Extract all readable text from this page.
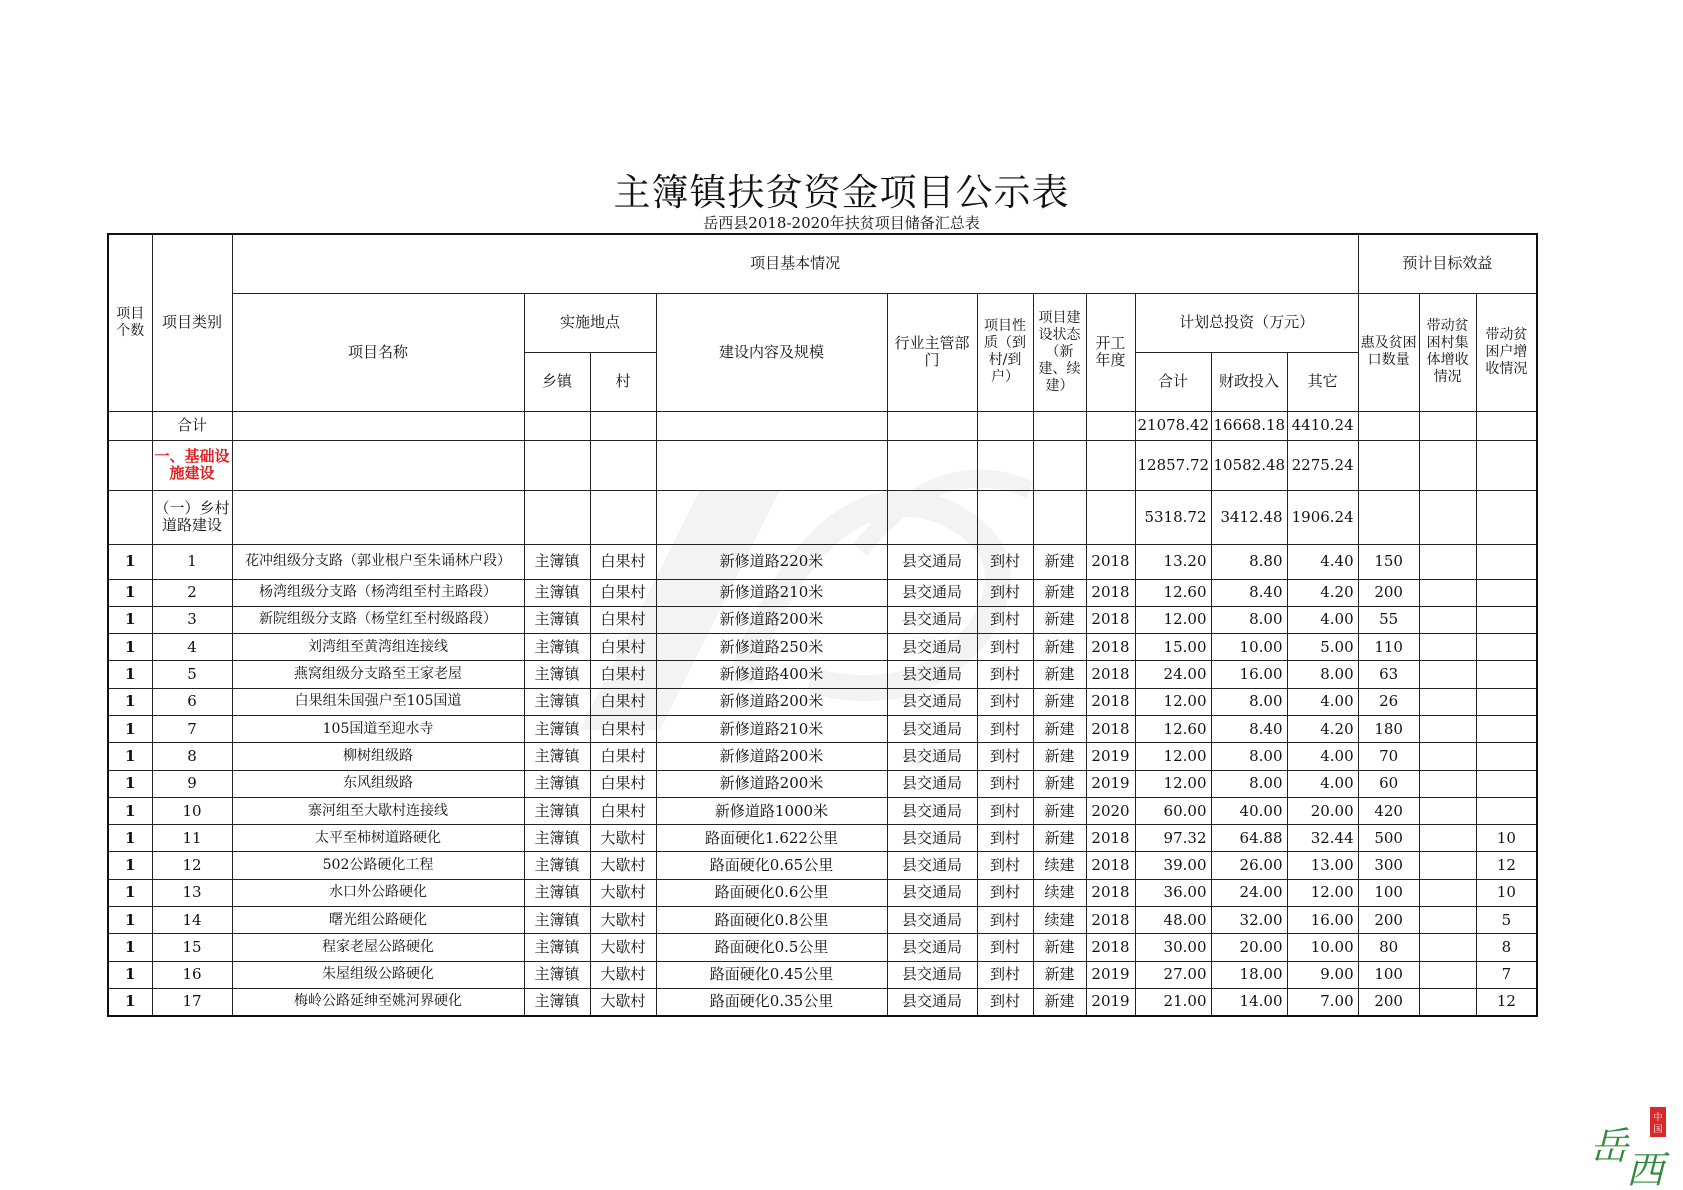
主簿镇扶贫资金项目公示表
岳西县2018-2020年扶贫项目储备汇总表
项目个数	项目类别	项目基本情况											预计目标效益		
		项目名称	实施地点		建设内容及规模	行业主管部门	项目性质（到村/到户）	项目建设状态（新建、续建）	开工年度	计划总投资（万元）			惠及贫困口数量	带动贫困村集体增收情况	带动贫困户增收情况
			乡镇	村						合计	财政投入	其它			
	合计									21078.42	16668.18	4410.24			
	一、基础设施建设									12857.72	10582.48	2275.24			
	（一）乡村道路建设									5318.72	3412.48	1906.24			
1	1	花冲组级分支路（郭业根户至朱诵林户段）	主簿镇	白果村	新修道路220米	县交通局	到村	新建	2018	13.20	8.80	4.40	150		
1	2	杨湾组级分支路（杨湾组至村主路段）	主簿镇	白果村	新修道路210米	县交通局	到村	新建	2018	12.60	8.40	4.20	200		
1	3	新院组级分支路（杨堂红至村级路段）	主簿镇	白果村	新修道路200米	县交通局	到村	新建	2018	12.00	8.00	4.00	55		
1	4	刘湾组至黄湾组连接线	主簿镇	白果村	新修道路250米	县交通局	到村	新建	2018	15.00	10.00	5.00	110		
1	5	燕窝组级分支路至王家老屋	主簿镇	白果村	新修道路400米	县交通局	到村	新建	2018	24.00	16.00	8.00	63		
1	6	白果组朱国强户至105国道	主簿镇	白果村	新修道路200米	县交通局	到村	新建	2018	12.00	8.00	4.00	26		
1	7	105国道至迎水寺	主簿镇	白果村	新修道路210米	县交通局	到村	新建	2018	12.60	8.40	4.20	180		
1	8	柳树组级路	主簿镇	白果村	新修道路200米	县交通局	到村	新建	2019	12.00	8.00	4.00	70		
1	9	东风组级路	主簿镇	白果村	新修道路200米	县交通局	到村	新建	2019	12.00	8.00	4.00	60		
1	10	寨河组至大歇村连接线	主簿镇	白果村	新修道路1000米	县交通局	到村	新建	2020	60.00	40.00	20.00	420		
1	11	太平至柿树道路硬化	主簿镇	大歇村	路面硬化1.622公里	县交通局	到村	新建	2018	97.32	64.88	32.44	500		10
1	12	502公路硬化工程	主簿镇	大歇村	路面硬化0.65公里	县交通局	到村	续建	2018	39.00	26.00	13.00	300		12
1	13	水口外公路硬化	主簿镇	大歇村	路面硬化0.6公里	县交通局	到村	续建	2018	36.00	24.00	12.00	100		10
1	14	曙光组公路硬化	主簿镇	大歇村	路面硬化0.8公里	县交通局	到村	续建	2018	48.00	32.00	16.00	200		5
1	15	程家老屋公路硬化	主簿镇	大歇村	路面硬化0.5公里	县交通局	到村	新建	2018	30.00	20.00	10.00	80		8
1	16	朱屋组级公路硬化	主簿镇	大歇村	路面硬化0.45公里	县交通局	到村	新建	2019	27.00	18.00	9.00	100		7
1	17	梅岭公路延绅至姚河界硬化	主簿镇	大歇村	路面硬化0.35公里	县交通局	到村	新建	2019	21.00	14.00	7.00	200		12
中
国
岳
西
